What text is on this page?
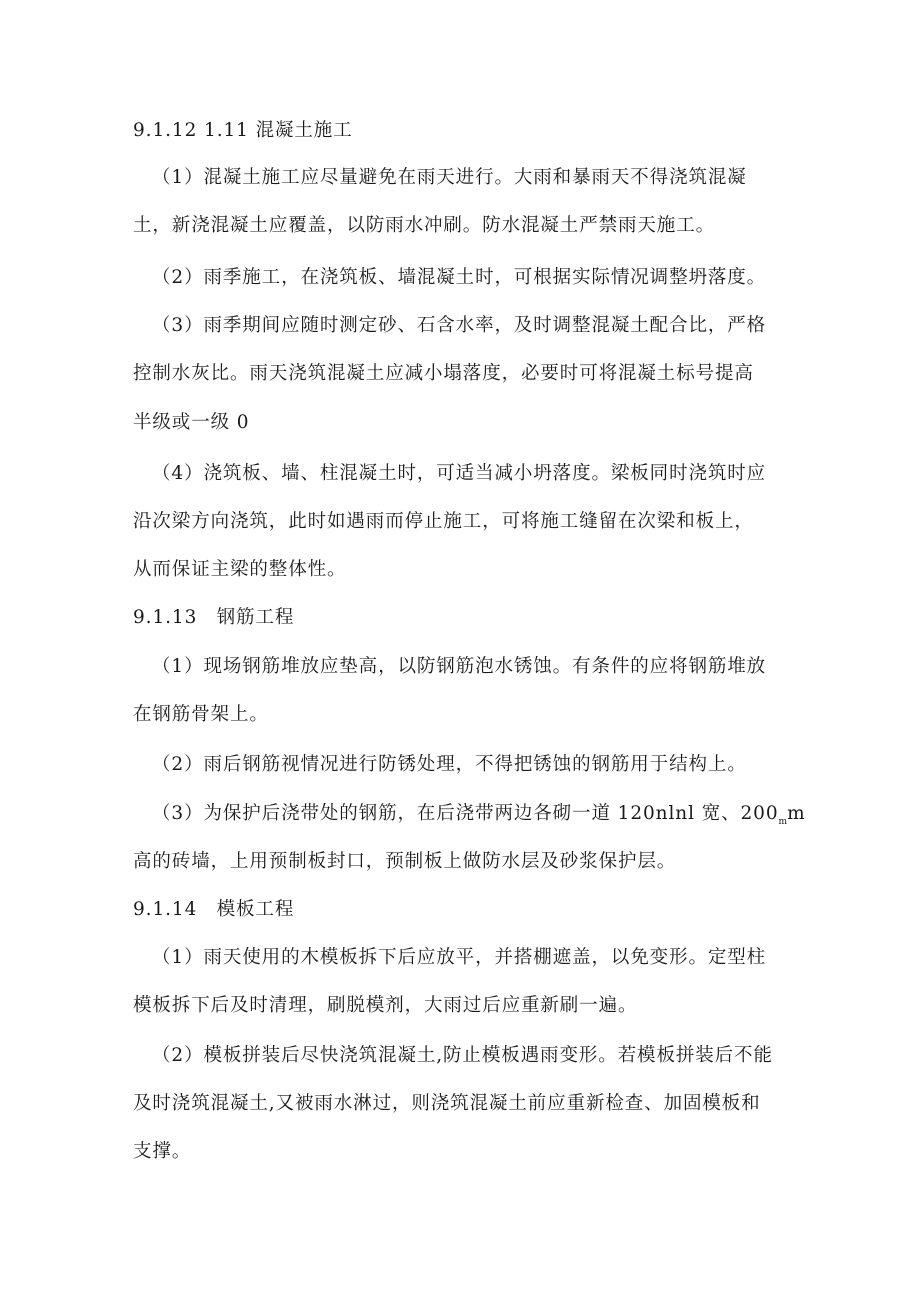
9.1.12 1.11 混凝土施工
（1）混凝土施工应尽量避免在雨天进行。大雨和暴雨天不得浇筑混凝
土，新浇混凝土应覆盖，以防雨水冲刷。防水混凝土严禁雨天施工。
（2）雨季施工，在浇筑板、墙混凝土时，可根据实际情况调整坍落度。
（3）雨季期间应随时测定砂、石含水率，及时调整混凝土配合比，严格
控制水灰比。雨天浇筑混凝土应减小塌落度，必要时可将混凝土标号提高
半级或一级 0
（4）浇筑板、墙、柱混凝土时，可适当减小坍落度。梁板同时浇筑时应
沿次梁方向浇筑，此时如遇雨而停止施工，可将施工缝留在次梁和板上，
从而保证主梁的整体性。
9.1.13　钢筋工程
（1）现场钢筋堆放应垫高，以防钢筋泡水锈蚀。有条件的应将钢筋堆放
在钢筋骨架上。
（2）雨后钢筋视情况进行防锈处理，不得把锈蚀的钢筋用于结构上。
（3）为保护后浇带处的钢筋，在后浇带两边各砌一道 120nlnl 宽、$200_mm$
高的砖墙，上用预制板封口，预制板上做防水层及砂浆保护层。
9.1.14　模板工程
（1）雨天使用的木模板拆下后应放平，并搭棚遮盖，以免变形。定型柱
模板拆下后及时清理，刷脱模剂，大雨过后应重新刷一遍。
（2）模板拼装后尽快浇筑混凝土,防止模板遇雨变形。若模板拼装后不能
及时浇筑混凝土,又被雨水淋过，则浇筑混凝土前应重新检查、加固模板和
支撑。
